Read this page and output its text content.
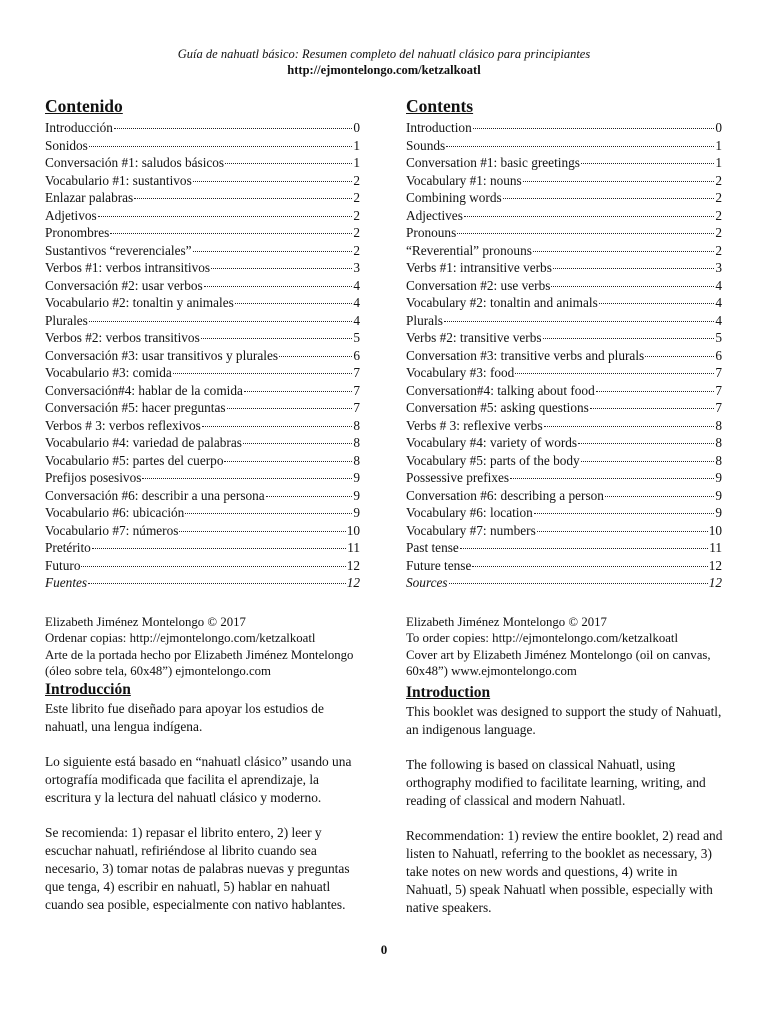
Guía de nahuatl básico: Resumen completo del nahuatl clásico para principiantes
http://ejmontelongo.com/ketzalkoatl
Contenido
Introducción	0
Sonidos	1
Conversación #1: saludos básicos	1
Vocabulario #1: sustantivos	2
Enlazar palabras	2
Adjetivos	2
Pronombres	2
Sustantivos “reverenciales”	2
Verbos #1: verbos intransitivos	3
Conversación #2: usar verbos	4
Vocabulario #2: tonaltin y animales	4
Plurales	4
Verbos #2: verbos transitivos	5
Conversación #3: usar transitivos y plurales	6
Vocabulario #3: comida	7
Conversación#4: hablar de la comida	7
Conversación #5: hacer preguntas	7
Verbos # 3: verbos reflexivos	8
Vocabulario #4: variedad de palabras	8
Vocabulario #5: partes del cuerpo	8
Prefijos posesivos	9
Conversación #6: describir a una persona	9
Vocabulario #6: ubicación	9
Vocabulario #7: números	10
Pretérito	11
Futuro	12
Fuentes	12
Elizabeth Jiménez Montelongo © 2017
Ordenar copias: http://ejmontelongo.com/ketzalkoatl
Arte de la portada hecho por Elizabeth Jiménez Montelongo (óleo sobre tela, 60x48”) ejmontelongo.com
Contents
Introduction	0
Sounds	1
Conversation #1: basic greetings	1
Vocabulary #1: nouns	2
Combining words	2
Adjectives	2
Pronouns	2
“Reverential” pronouns	2
Verbs #1: intransitive verbs	3
Conversation #2: use verbs	4
Vocabulary #2: tonaltin and animals	4
Plurals	4
Verbs #2: transitive verbs	5
Conversation #3: transitive verbs and plurals	6
Vocabulary #3: food	7
Conversation#4: talking about food	7
Conversation #5: asking questions	7
Verbs # 3: reflexive verbs	8
Vocabulary #4: variety of words	8
Vocabulary #5: parts of the body	8
Possessive prefixes	9
Conversation #6: describing a person	9
Vocabulary #6: location	9
Vocabulary #7: numbers	10
Past tense	11
Future tense	12
Sources	12
Elizabeth Jiménez Montelongo © 2017
To order copies: http://ejmontelongo.com/ketzalkoatl
Cover art by Elizabeth Jiménez Montelongo (oil on canvas, 60x48”) www.ejmontelongo.com
Introducción

Este librito fue diseñado para apoyar los estudios de nahuatl, una lengua indígena.

Lo siguiente está basado en “nahuatl clásico” usando una ortografía modificada que facilita el aprendizaje, la escritura y la lectura del nahuatl clásico y moderno.

Se recomienda: 1) repasar el librito entero, 2) leer y escuchar nahuatl, refiriéndose al librito cuando sea necesario, 3) tomar notas de palabras nuevas y preguntas que tenga, 4) escribir en nahuatl, 5) hablar en nahuatl cuando sea posible, especialmente con nativo hablantes.

Introduction

This booklet was designed to support the study of Nahuatl, an indigenous language.

The following is based on classical Nahuatl, using orthography modified to facilitate learning, writing, and reading of classical and modern Nahuatl.

Recommendation: 1) review the entire booklet, 2) read and listen to Nahuatl, referring to the booklet as necessary, 3) take notes on new words and questions, 4) write in Nahuatl, 5) speak Nahuatl when possible, especially with native speakers.

0
